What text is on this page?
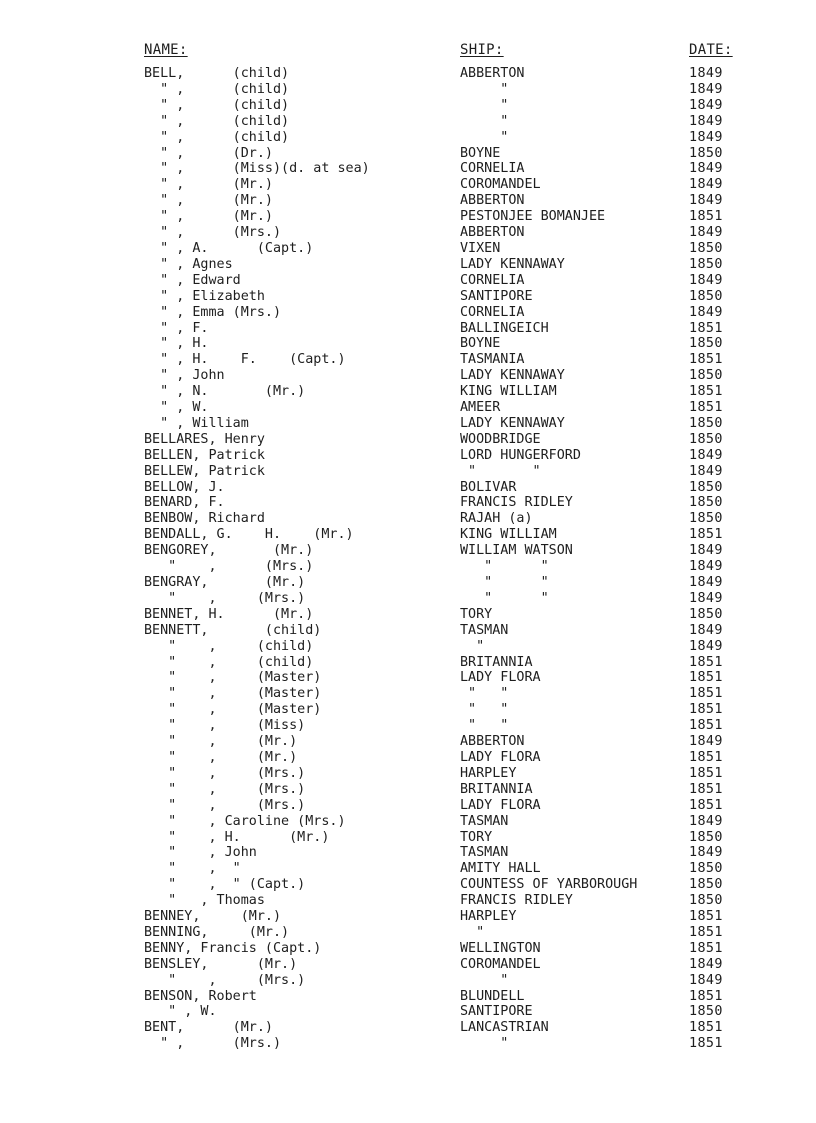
NAME:	SHIP:	DATE:
BELL,      (child)	ABBERTON	1849
" ,      (child)	"	1849
" ,      (child)	"	1849
" ,      (child)	"	1849
" ,      (child)	"	1849
" ,      (Dr.)	BOYNE	1850
" ,      (Miss)(d. at sea)	CORNELIA	1849
" ,      (Mr.)	COROMANDEL	1849
" ,      (Mr.)	ABBERTON	1849
" ,      (Mr.)	PESTONJEE BOMANJEE	1851
" ,      (Mrs.)	ABBERTON	1849
" , A.      (Capt.)	VIXEN	1850
" , Agnes	LADY KENNAWAY	1850
" , Edward	CORNELIA	1849
" , Elizabeth	SANTIPORE	1850
" , Emma (Mrs.)	CORNELIA	1849
" , F.	BALLINGEICH	1851
" , H.	BOYNE	1850
" , H.    F.    (Capt.)	TASMANIA	1851
" , John	LADY KENNAWAY	1850
" , N.       (Mr.)	KING WILLIAM	1851
" , W.	AMEER	1851
" , William	LADY KENNAWAY	1850
BELLARES, Henry	WOODBRIDGE	1850
BELLEN, Patrick	LORD HUNGERFORD	1849
BELLEW, Patrick	"       "	1849
BELLOW, J.	BOLIVAR	1850
BENARD, F.	FRANCIS RIDLEY	1850
BENBOW, Richard	RAJAH (a)	1850
BENDALL, G.    H.    (Mr.)	KING WILLIAM	1851
BENGOREY,       (Mr.)	WILLIAM WATSON	1849
"    ,      (Mrs.)	"      "	1849
BENGRAY,       (Mr.)	"      "	1849
"    ,     (Mrs.)	"      "	1849
BENNET, H.      (Mr.)	TORY	1850
BENNETT,       (child)	TASMAN	1849
"    ,     (child)	"	1849
"    ,     (child)	BRITANNIA	1851
"    ,     (Master)	LADY FLORA	1851
"    ,     (Master)	"   "	1851
"    ,     (Master)	"   "	1851
"    ,     (Miss)	"   "	1851
"    ,     (Mr.)	ABBERTON	1849
"    ,     (Mr.)	LADY FLORA	1851
"    ,     (Mrs.)	HARPLEY	1851
"    ,     (Mrs.)	BRITANNIA	1851
"    ,     (Mrs.)	LADY FLORA	1851
"    , Caroline (Mrs.)	TASMAN	1849
"    , H.      (Mr.)	TORY	1850
"    , John	TASMAN	1849
"    ,  "	AMITY HALL	1850
"    ,  " (Capt.)	COUNTESS OF YARBOROUGH	1850
"   , Thomas	FRANCIS RIDLEY	1850
BENNEY,     (Mr.)	HARPLEY	1851
BENNING,     (Mr.)	"	1851
BENNY, Francis (Capt.)	WELLINGTON	1851
BENSLEY,      (Mr.)	COROMANDEL	1849
"    ,     (Mrs.)	"	1849
BENSON, Robert	BLUNDELL	1851
" , W.	SANTIPORE	1850
BENT,      (Mr.)	LANCASTRIAN	1851
" ,      (Mrs.)	"	1851
